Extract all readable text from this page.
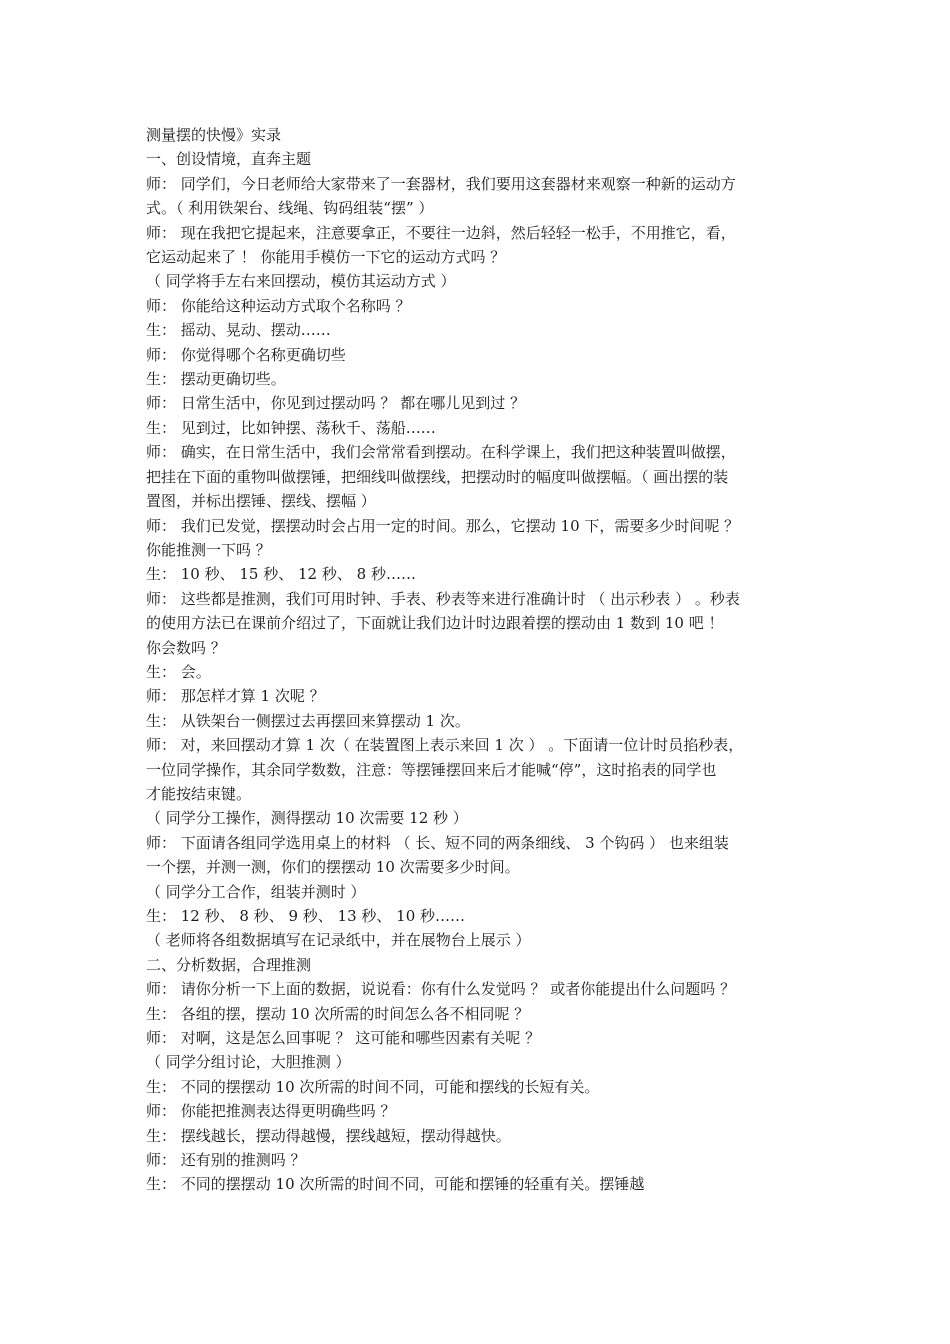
测量摆的快慢》实录

一、创设情境，直奔主题

师： 同学们，今日老师给大家带来了一套器材，我们要用这套器材来观察一种新的运动方

式。（ 利用铁架台、线绳、钩码组装“摆” ）

师： 现在我把它提起来，注意要拿正，不要往一边斜，然后轻轻一松手，不用推它，看，

它运动起来了 ！ 你能用手模仿一下它的运动方式吗 ？

（ 同学将手左右来回摆动，模仿其运动方式 ）

师： 你能给这种运动方式取个名称吗 ？

生： 摇动、晃动、摆动……

师： 你觉得哪个名称更确切些

生： 摆动更确切些。

师： 日常生活中，你见到过摆动吗 ？ 都在哪儿见到过 ？

生： 见到过，比如钟摆、荡秋千、荡船……

师： 确实，在日常生活中，我们会常常看到摆动。在科学课上，我们把这种装置叫做摆，

把挂在下面的重物叫做摆锤，把细线叫做摆线，把摆动时的幅度叫做摆幅。（ 画出摆的装

置图，并标出摆锤、摆线、摆幅 ）

师： 我们已发觉，摆摆动时会占用一定的时间。那么，它摆动 10 下，需要多少时间呢 ？

你能推测一下吗 ？

生： 10 秒、 15 秒、 12 秒、 8 秒……

师： 这些都是推测，我们可用时钟、手表、秒表等来进行准确计时 （ 出示秒表 ） 。秒表

的使用方法已在课前介绍过了，下面就让我们边计时边跟着摆的摆动由 1 数到 10 吧 ！

你会数吗 ？

生： 会。

师： 那怎样才算 1 次呢 ？

生： 从铁架台一侧摆过去再摆回来算摆动 1 次。

师： 对，来回摆动才算 1 次（ 在装置图上表示来回 1 次 ） 。下面请一位计时员掐秒表，

一位同学操作，其余同学数数，注意：等摆锤摆回来后才能喊“停”，这时掐表的同学也

才能按结束键。

（ 同学分工操作，测得摆动 10 次需要 12 秒 ）

师： 下面请各组同学选用桌上的材料 （ 长、短不同的两条细线、 3 个钩码 ） 也来组装

一个摆，并测一测，你们的摆摆动 10 次需要多少时间。

（ 同学分工合作，组装并测时 ）

生： 12 秒、 8 秒、 9 秒、 13 秒、 10 秒……

（ 老师将各组数据填写在记录纸中，并在展物台上展示 ）

二、分析数据，合理推测

师： 请你分析一下上面的数据，说说看：你有什么发觉吗 ？ 或者你能提出什么问题吗 ？

生： 各组的摆，摆动 10 次所需的时间怎么各不相同呢 ？

师： 对啊，这是怎么回事呢 ？ 这可能和哪些因素有关呢 ？

（ 同学分组讨论，大胆推测 ）

生： 不同的摆摆动 10 次所需的时间不同，可能和摆线的长短有关。

师： 你能把推测表达得更明确些吗 ？

生： 摆线越长，摆动得越慢，摆线越短，摆动得越快。

师： 还有别的推测吗 ？

生： 不同的摆摆动 10 次所需的时间不同，可能和摆锤的轻重有关。摆锤越
